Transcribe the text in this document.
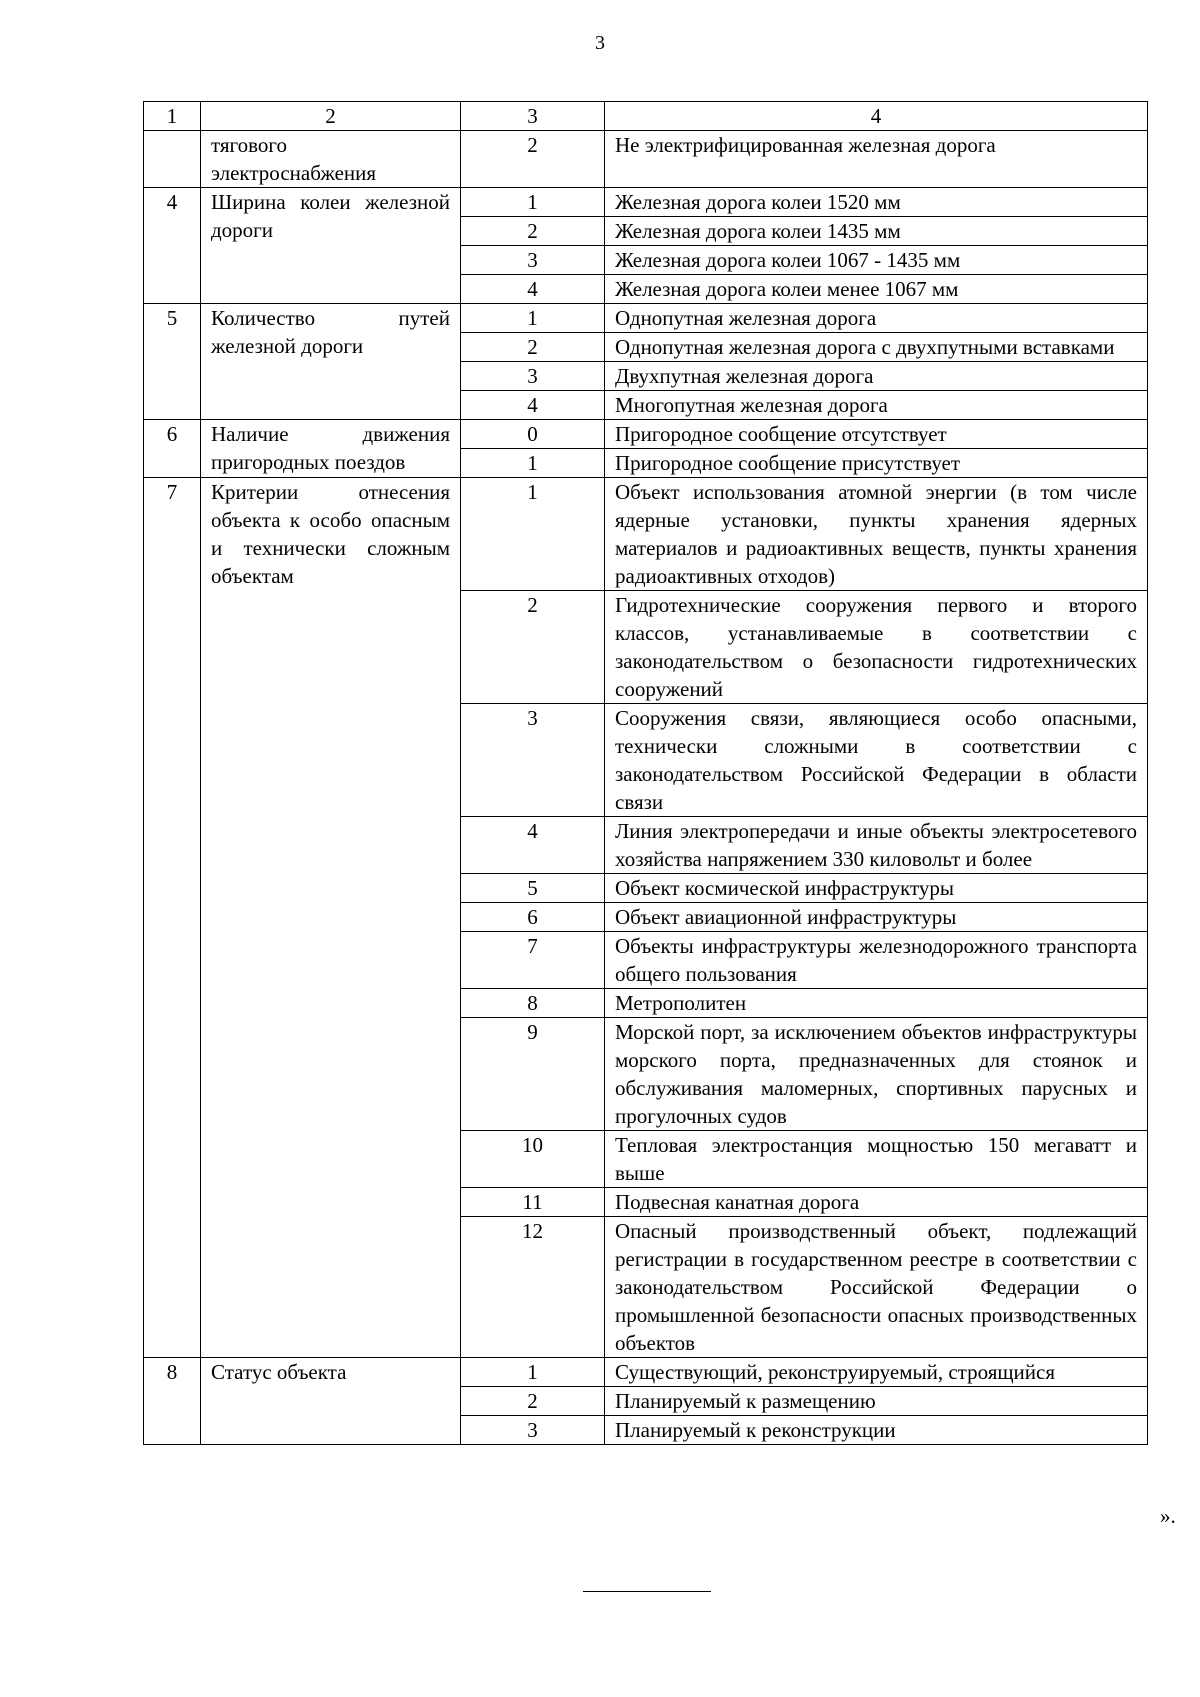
3
1	2	3	4
	тягового электроснабжения	2	Не электрифицированная железная дорога
4	Ширина колеи железной дороги	1	Железная дорога колеи 1520 мм
		2	Железная дорога колеи 1435 мм
		3	Железная дорога колеи 1067 - 1435 мм
		4	Железная дорога колеи менее 1067 мм
5	Количество путей железной дороги	1	Однопутная железная дорога
		2	Однопутная железная дорога с двухпутными вставками
		3	Двухпутная железная дорога
		4	Многопутная железная дорога
6	Наличие движения пригородных поездов	0	Пригородное сообщение отсутствует
		1	Пригородное сообщение присутствует
7	Критерии отнесения объекта к особо опасным и технически сложным объектам	1	Объект использования атомной энергии (в том числе ядерные установки, пункты хранения ядерных материалов и радиоактивных веществ, пункты хранения радиоактивных отходов)
		2	Гидротехнические сооружения первого и второго классов, устанавливаемые в соответствии с законодательством о безопасности гидротехнических сооружений
		3	Сооружения связи, являющиеся особо опасными, технически сложными в соответствии с законодательством Российской Федерации в области связи
		4	Линия электропередачи и иные объекты электросетевого хозяйства напряжением 330 киловольт и более
		5	Объект космической инфраструктуры
		6	Объект авиационной инфраструктуры
		7	Объекты инфраструктуры железнодорожного транспорта общего пользования
		8	Метрополитен
		9	Морской порт, за исключением объектов инфраструктуры морского порта, предназначенных для стоянок и обслуживания маломерных, спортивных парусных и прогулочных судов
		10	Тепловая электростанция мощностью 150 мегаватт и выше
		11	Подвесная канатная дорога
		12	Опасный производственный объект, подлежащий регистрации в государственном реестре в соответствии с законодательством Российской Федерации о промышленной безопасности опасных производственных объектов
8	Статус объекта	1	Существующий, реконструируемый, строящийся
		2	Планируемый к размещению
		3	Планируемый к реконструкции
».
